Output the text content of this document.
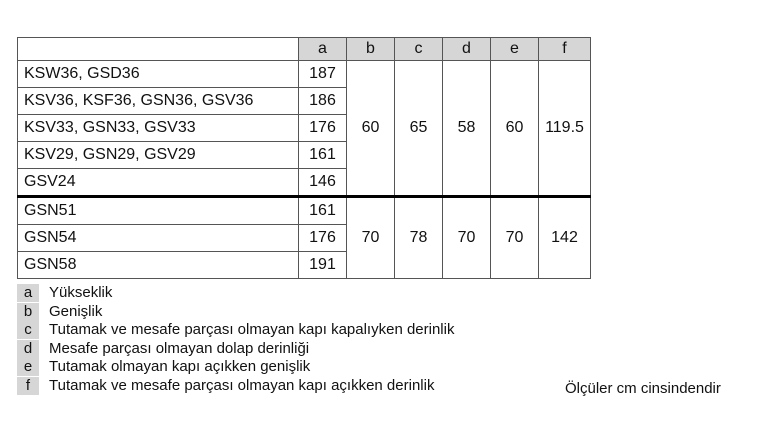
	a	b	c	d	e	f
KSW36, GSD36	187	60	65	58	60	119.5
KSV36, KSF36, GSN36, GSV36	186					
KSV33, GSN33, GSV33	176					
KSV29, GSN29, GSV29	161					
GSV24	146					
GSN51	161	70	78	70	70	142
GSN54	176					
GSN58	191					
a	Yükseklik
b	Genişlik
c	Tutamak ve mesafe parçası olmayan kapı kapalıyken derinlik
d	Mesafe parçası olmayan dolap derinliği
e	Tutamak olmayan kapı açıkken genişlik
f	Tutamak ve mesafe parçası olmayan kapı açıkken derinlik	Ölçüler cm cinsindendir
